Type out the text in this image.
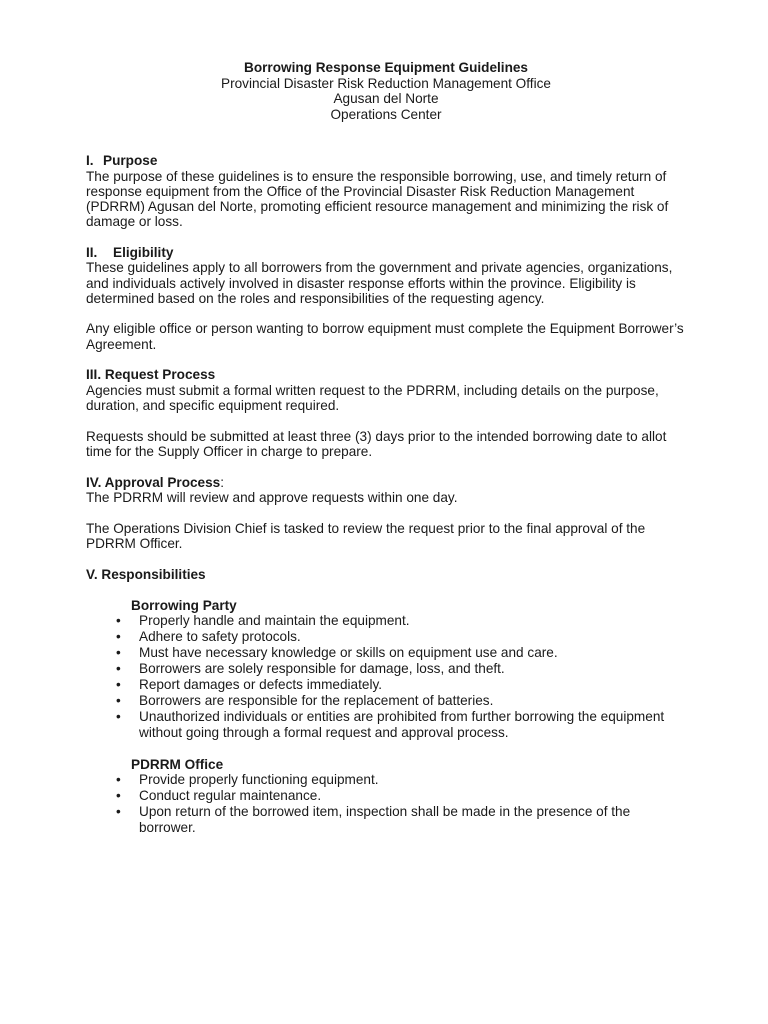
Borrowing Response Equipment Guidelines
Provincial Disaster Risk Reduction Management Office
Agusan del Norte
Operations Center
I. Purpose

The purpose of these guidelines is to ensure the responsible borrowing, use, and timely return of response equipment from the Office of the Provincial Disaster Risk Reduction Management (PDRRM) Agusan del Norte, promoting efficient resource management and minimizing the risk of damage or loss.

II. Eligibility

These guidelines apply to all borrowers from the government and private agencies, organizations, and individuals actively involved in disaster response efforts within the province. Eligibility is determined based on the roles and responsibilities of the requesting agency.

Any eligible office or person wanting to borrow equipment must complete the Equipment Borrower’s Agreement.

III. Request Process

Agencies must submit a formal written request to the PDRRM, including details on the purpose, duration, and specific equipment required.

Requests should be submitted at least three (3) days prior to the intended borrowing date to allot time for the Supply Officer in charge to prepare.

IV. Approval Process:

The PDRRM will review and approve requests within one day.

The Operations Division Chief is tasked to review the request prior to the final approval of the PDRRM Officer.

V. Responsibilities
Borrowing Party
• Properly handle and maintain the equipment.
• Adhere to safety protocols.
• Must have necessary knowledge or skills on equipment use and care.
• Borrowers are solely responsible for damage, loss, and theft.
• Report damages or defects immediately.
• Borrowers are responsible for the replacement of batteries.
• Unauthorized individuals or entities are prohibited from further borrowing the equipment without going through a formal request and approval process.
PDRRM Office
• Provide properly functioning equipment.
• Conduct regular maintenance.
• Upon return of the borrowed item, inspection shall be made in the presence of the borrower.
